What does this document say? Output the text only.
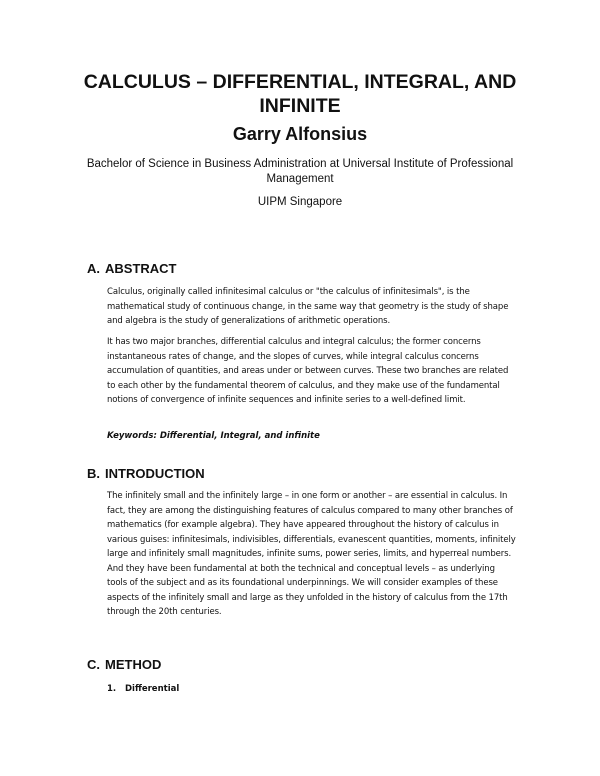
CALCULUS – DIFFERENTIAL, INTEGRAL, AND INFINITE
Garry Alfonsius

Bachelor of Science in Business Administration at Universal Institute of Professional Management

UIPM Singapore

A. ABSTRACT

Calculus, originally called infinitesimal calculus or "the calculus of infinitesimals", is the mathematical study of continuous change, in the same way that geometry is the study of shape and algebra is the study of generalizations of arithmetic operations.

It has two major branches, differential calculus and integral calculus; the former concerns instantaneous rates of change, and the slopes of curves, while integral calculus concerns accumulation of quantities, and areas under or between curves. These two branches are related to each other by the fundamental theorem of calculus, and they make use of the fundamental notions of convergence of infinite sequences and infinite series to a well-defined limit.

Keywords: Differential, Integral, and infinite

B. INTRODUCTION

The infinitely small and the infinitely large – in one form or another – are essential in calculus. In fact, they are among the distinguishing features of calculus compared to many other branches of mathematics (for example algebra). They have appeared throughout the history of calculus in various guises: infinitesimals, indivisibles, differentials, evanescent quantities, moments, infinitely large and infinitely small magnitudes, infinite sums, power series, limits, and hyperreal numbers. And they have been fundamental at both the technical and conceptual levels – as underlying tools of the subject and as its foundational underpinnings. We will consider examples of these aspects of the infinitely small and large as they unfolded in the history of calculus from the 17th through the 20th centuries.

C. METHOD

1. Differential
